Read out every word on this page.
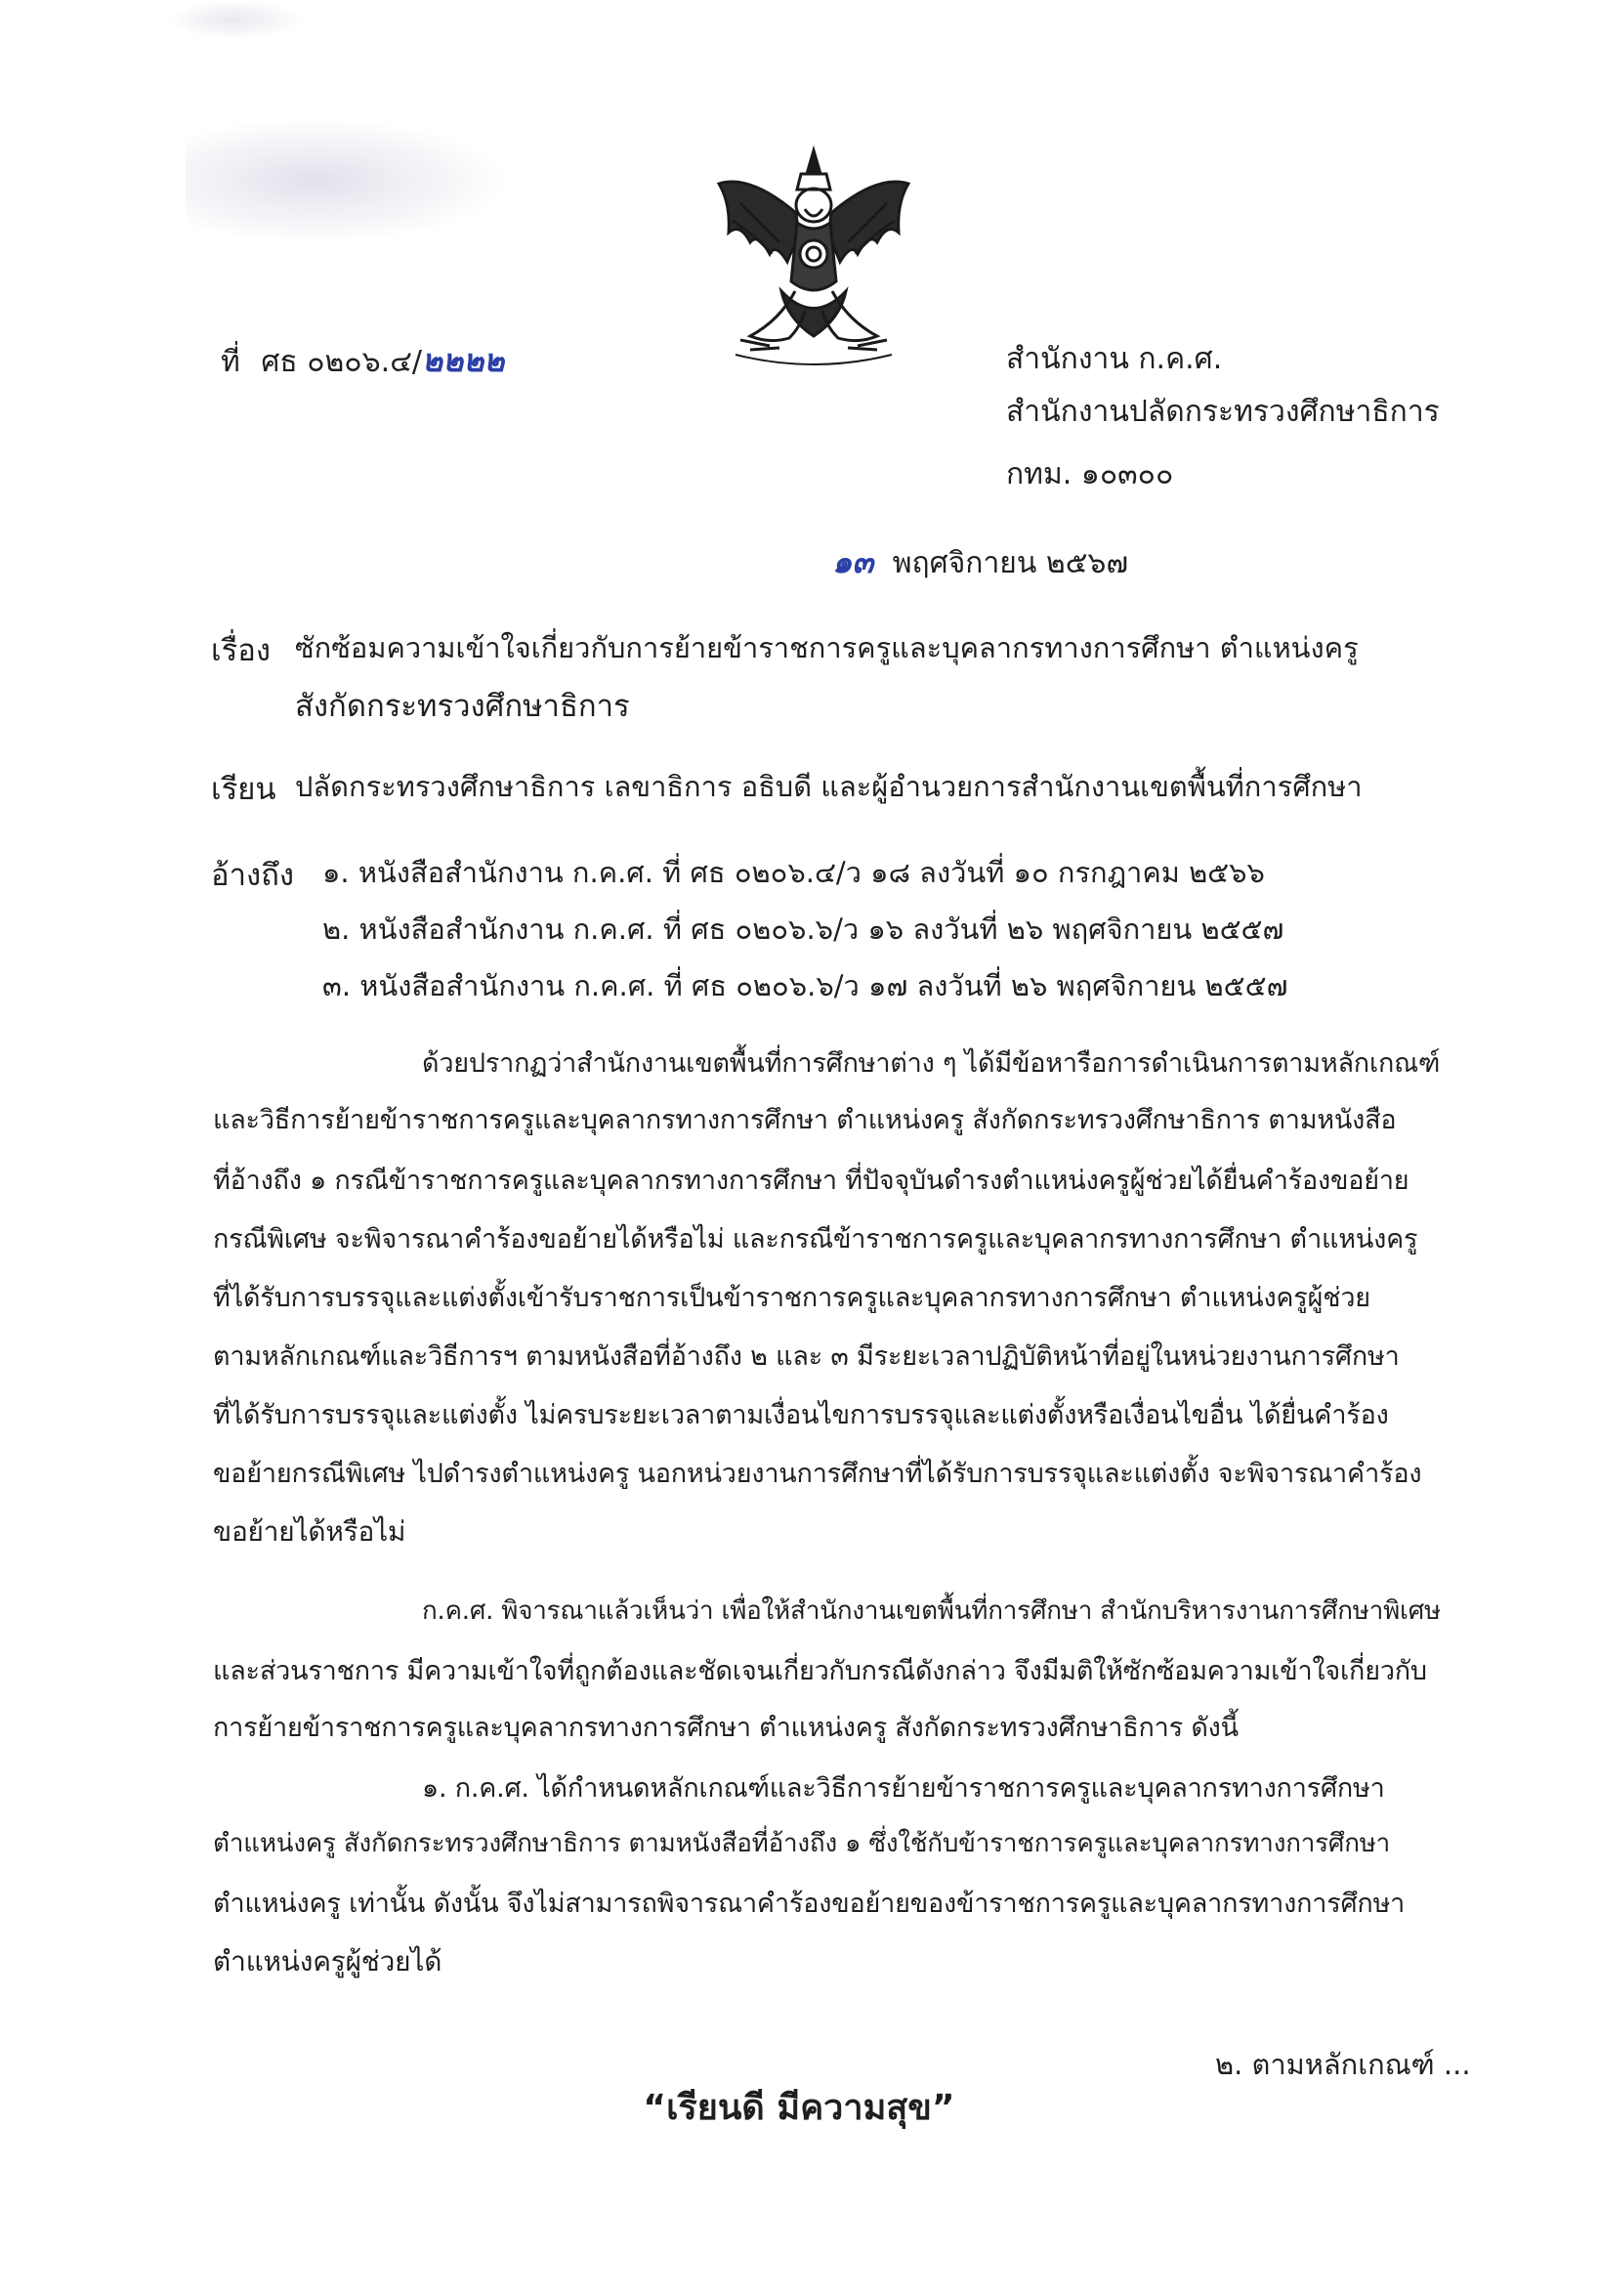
ที่ ศธ ๐๒๐๖.๔/๒๒๒๒	สำนักงาน ก.ค.ศ.
สำนักงานปลัดกระทรวงศึกษาธิการ
กทม. ๑๐๓๐๐
๑๓ พฤศจิกายน ๒๕๖๗
เรื่อง ซักซ้อมความเข้าใจเกี่ยวกับการย้ายข้าราชการครูและบุคลากรทางการศึกษา ตำแหน่งครู
สังกัดกระทรวงศึกษาธิการ
เรียน ปลัดกระทรวงศึกษาธิการ เลขาธิการ อธิบดี และผู้อำนวยการสำนักงานเขตพื้นที่การศึกษา
อ้างถึง ๑. หนังสือสำนักงาน ก.ค.ศ. ที่ ศธ ๐๒๐๖.๔/ว ๑๘ ลงวันที่ ๑๐ กรกฎาคม ๒๕๖๖
๒. หนังสือสำนักงาน ก.ค.ศ. ที่ ศธ ๐๒๐๖.๖/ว ๑๖ ลงวันที่ ๒๖ พฤศจิกายน ๒๕๕๗
๓. หนังสือสำนักงาน ก.ค.ศ. ที่ ศธ ๐๒๐๖.๖/ว ๑๗ ลงวันที่ ๒๖ พฤศจิกายน ๒๕๕๗
ด้วยปรากฏว่าสำนักงานเขตพื้นที่การศึกษาต่าง ๆ ได้มีข้อหารือการดำเนินการตามหลักเกณฑ์
และวิธีการย้ายข้าราชการครูและบุคลากรทางการศึกษา ตำแหน่งครู สังกัดกระทรวงศึกษาธิการ ตามหนังสือ
ที่อ้างถึง ๑ กรณีข้าราชการครูและบุคลากรทางการศึกษา ที่ปัจจุบันดำรงตำแหน่งครูผู้ช่วยได้ยื่นคำร้องขอย้าย
กรณีพิเศษ จะพิจารณาคำร้องขอย้ายได้หรือไม่ และกรณีข้าราชการครูและบุคลากรทางการศึกษา ตำแหน่งครู
ที่ได้รับการบรรจุและแต่งตั้งเข้ารับราชการเป็นข้าราชการครูและบุคลากรทางการศึกษา ตำแหน่งครูผู้ช่วย
ตามหลักเกณฑ์และวิธีการฯ ตามหนังสือที่อ้างถึง ๒ และ ๓ มีระยะเวลาปฏิบัติหน้าที่อยู่ในหน่วยงานการศึกษา
ที่ได้รับการบรรจุและแต่งตั้ง ไม่ครบระยะเวลาตามเงื่อนไขการบรรจุและแต่งตั้งหรือเงื่อนไขอื่น ได้ยื่นคำร้อง
ขอย้ายกรณีพิเศษ ไปดำรงตำแหน่งครู นอกหน่วยงานการศึกษาที่ได้รับการบรรจุและแต่งตั้ง จะพิจารณาคำร้อง
ขอย้ายได้หรือไม่
ก.ค.ศ. พิจารณาแล้วเห็นว่า เพื่อให้สำนักงานเขตพื้นที่การศึกษา สำนักบริหารงานการศึกษาพิเศษ
และส่วนราชการ มีความเข้าใจที่ถูกต้องและชัดเจนเกี่ยวกับกรณีดังกล่าว จึงมีมติให้ซักซ้อมความเข้าใจเกี่ยวกับ
การย้ายข้าราชการครูและบุคลากรทางการศึกษา ตำแหน่งครู สังกัดกระทรวงศึกษาธิการ ดังนี้
๑. ก.ค.ศ. ได้กำหนดหลักเกณฑ์และวิธีการย้ายข้าราชการครูและบุคลากรทางการศึกษา
ตำแหน่งครู สังกัดกระทรวงศึกษาธิการ ตามหนังสือที่อ้างถึง ๑ ซึ่งใช้กับข้าราชการครูและบุคลากรทางการศึกษา
ตำแหน่งครู เท่านั้น ดังนั้น จึงไม่สามารถพิจารณาคำร้องขอย้ายของข้าราชการครูและบุคลากรทางการศึกษา
ตำแหน่งครูผู้ช่วยได้
๒. ตามหลักเกณฑ์ ...
“เรียนดี มีความสุข”
